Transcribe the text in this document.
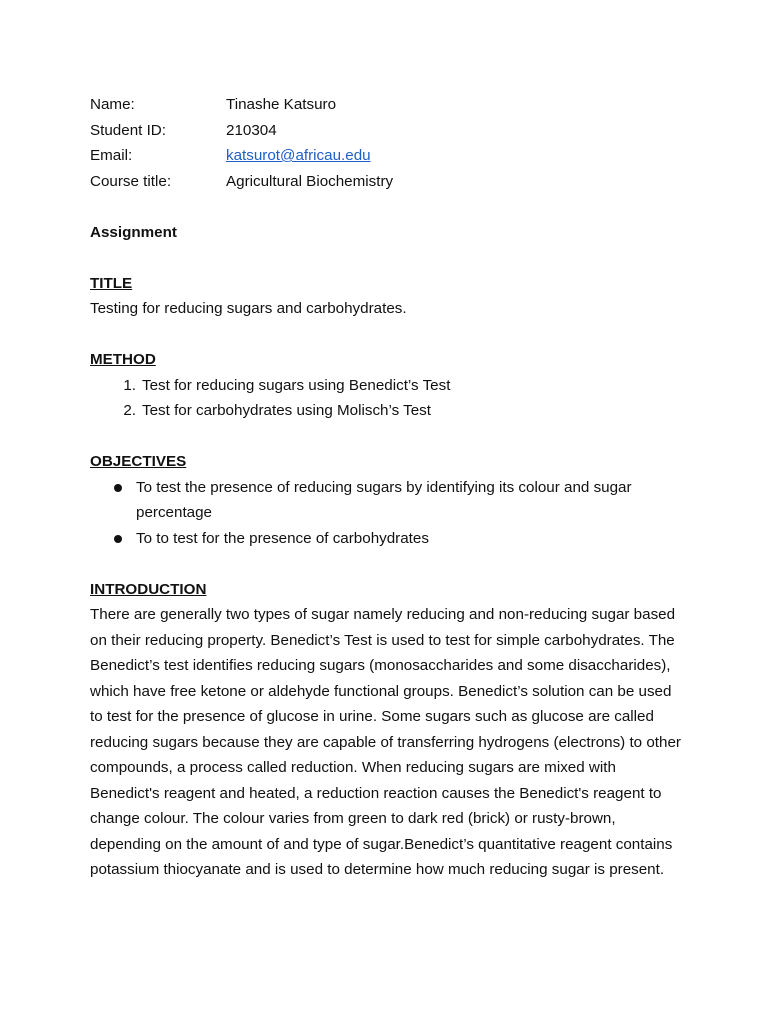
Name:	Tinashe Katsuro
Student ID:	210304
Email:	katsurot@africau.edu
Course title:	Agricultural Biochemistry
Assignment
TITLE
Testing for reducing sugars and carbohydrates.
METHOD
1. Test for reducing sugars using Benedict’s Test
2. Test for carbohydrates using Molisch’s Test
OBJECTIVES
To test the presence of reducing sugars by identifying its colour and sugar percentage
To to test for the presence of carbohydrates
INTRODUCTION
There are generally two types of sugar namely reducing and non-reducing sugar based on their reducing property. Benedict’s Test is used to test for simple carbohydrates. The Benedict’s test identifies reducing sugars (monosaccharides and some disaccharides), which have free ketone or aldehyde functional groups. Benedict’s solution can be used to test for the presence of glucose in urine. Some sugars such as glucose are called reducing sugars because they are capable of transferring hydrogens (electrons) to other compounds, a process called reduction. When reducing sugars are mixed with Benedict's reagent and heated, a reduction reaction causes the Benedict's reagent to change colour. The colour varies from green to dark red (brick) or rusty-brown, depending on the amount of and type of sugar.Benedict’s quantitative reagent contains potassium thiocyanate and is used to determine how much reducing sugar is present.
